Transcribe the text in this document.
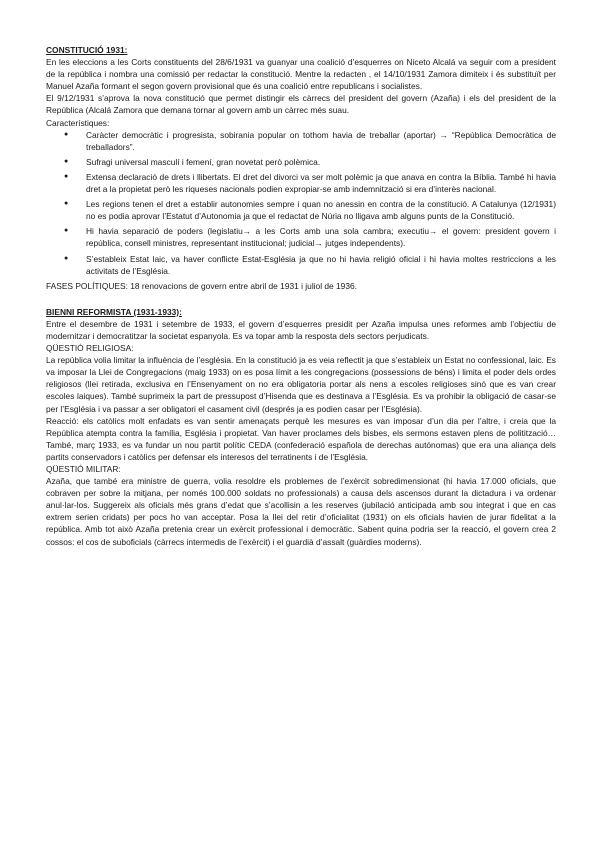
CONSTITUCIÓ 1931:

En les eleccions a les Corts constituents del 28/6/1931 va guanyar una coalició d’esquerres on Niceto Alcalá va seguir com a president de la república i nombra una comissió per redactar la constitució. Mentre la redacten , el 14/10/1931 Zamora dimiteix i és substituït per Manuel Azaña formant el segon govern provisional que és una coalició entre republicans i socialistes.

El 9/12/1931 s’aprova la nova constitució que permet distingir els càrrecs del president del govern (Azaña) i els del president de la República (Alcalá Zamora que demana tornar al govern amb un càrrec més suau.

Característiques:
● Caràcter democràtic i progresista, sobirania popular on tothom havia de treballar (aportar) → “República Democràtica de treballadors”.
● Sufragi universal masculí i femení, gran novetat però polèmica.
● Extensa declaració de drets i llibertats. El dret del divorci va ser molt polèmic ja que anava en contra la Bíblia. També hi havia dret a la propietat però les riqueses nacionals podien expropiar-se amb indemnització si era d’interès nacional.
● Les regions tenen el dret a establir autonomies sempre i quan no anessin en contra de la constitució. A Catalunya (12/1931) no es podia aprovar l’Estatut d’Autonomia ja que el redactat de Núria no lligava amb alguns punts de la Constitució.
● Hi havia separació de poders (legislatiu→ a les Corts amb una sola cambra; executiu→ el govern: president govern i república, consell ministres, representant institucional; judicial→ jutges independents).
● S’estableix Estat laic, va haver conflicte Estat-Església ja que no hi havia religió oficial i hi havia moltes restriccions a les activitats de l’Església.

FASES POLÍTIQUES: 18 renovacions de govern entre abril de 1931 i juliol de 1936.

BIENNI REFORMISTA (1931-1933):

Entre el desembre de 1931 i setembre de 1933, el govern d’esquerres presidit per Azaña impulsa unes reformes amb l’objectiu de modernitzar i democratitzar la societat espanyola. Es va topar amb la resposta dels sectors perjudicats.

QÜESTIÓ RELIGIOSA:

La república volia limitar la influència de l’església. En la constitució ja es veia reflectit ja que s’estableix un Estat no confessional, laic. Es va imposar la Llei de Congregacions (maig 1933) on es posa límit a les congregacions (possessions de béns) i limita el poder dels ordes religiosos (llei retirada, exclusiva en l’Ensenyament on no era obligatoria portar als nens a escoles religioses sinó que es van crear escoles laiques). També suprimeix la part de pressupost d’Hisenda que es destinava a l’Església. Es va prohibir la obligació de casar-se per l’Església i va passar a ser obligatori el casament civil (després ja es podien casar per l’Església).

Reacció: els catòlics molt enfadats es van sentir amenaçats perquè les mesures es van imposar d’un dia per l’altre, i creia que la República atempta contra la família, Església i propietat. Van haver proclames dels bisbes, els sermons estaven plens de politització… També, març 1933, es va fundar un nou partit polític CEDA (confederació española de derechas autónomas) que era una aliança dels partits conservadors i catòlics per defensar els interesos del terratinents i de l’Església.

QÜESTIÓ MILITAR:

Azaña, que també era ministre de guerra, volia resoldre els problemes de l’exèrcit sobredimensionat (hi havia 17.000 oficials, que cobraven per sobre la mitjana, per només 100.000 soldats no professionals) a causa dels ascensos durant la dictadura i va ordenar anul·lar-los. Suggereix als oficials més grans d’edat que s’acollisin a les reserves (jubilació anticipada amb sou integrat i que en cas extrem serien cridats) per pocs ho van acceptar. Posa la llei del retir d’oficialitat (1931) on els oficials havien de jurar fidelitat a la república. Amb tot això Azaña pretenia crear un exèrcit professional i democràtic. Sabent quina podria ser la reacció, el govern crea 2 cossos: el cos de suboficials (càrrecs intermedis de l’exèrcit) i el guardià d’assalt (guàrdies moderns).
